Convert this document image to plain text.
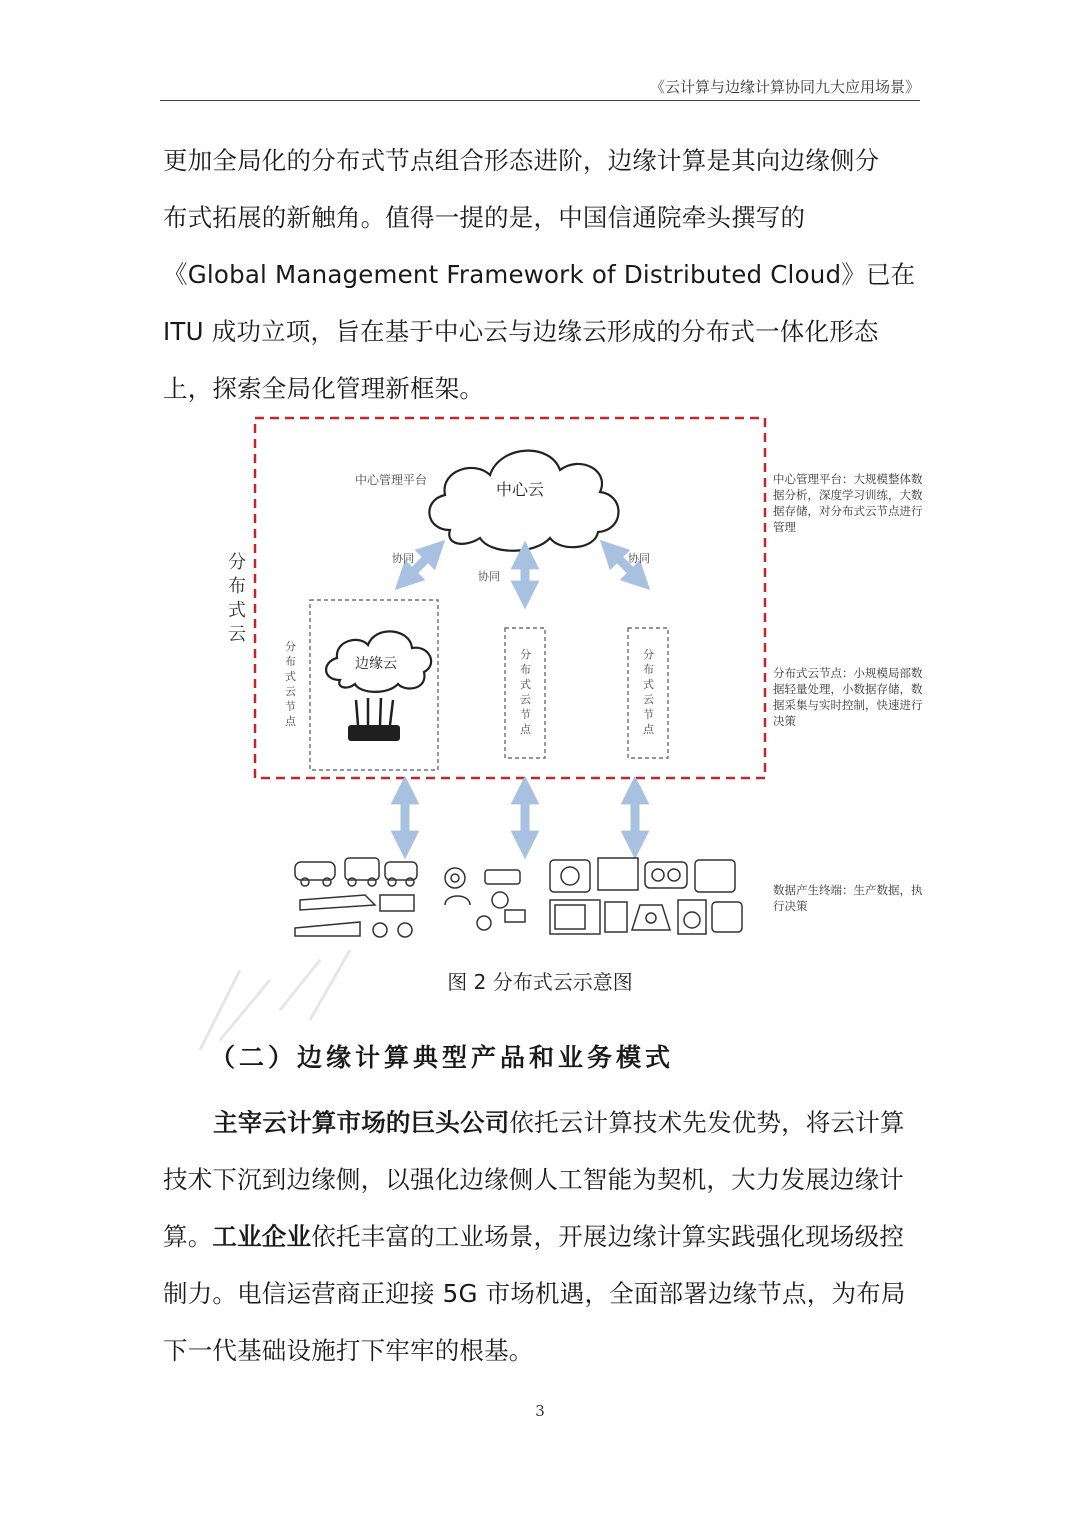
《云计算与边缘计算协同九大应用场景》
更加全局化的分布式节点组合形态进阶，边缘计算是其向边缘侧分
布式拓展的新触角。值得一提的是，中国信通院牵头撰写的
《Global Management Framework of Distributed Cloud》已在
ITU 成功立项，旨在基于中心云与边缘云形成的分布式一体化形态
上，探索全局化管理新框架。
分布式云
中心云
中心管理平台
协同
协同
协同
边缘云
分布式云节点
分布式云节点
分布式云节点
中心管理平台：大规模整体数
据分析，深度学习训练，大数
据存储，对分布式云节点进行
管理
分布式云节点：小规模局部数
据轻量处理，小数据存储，数
据采集与实时控制，快速进行
决策
数据产生终端：生产数据，执
行决策
图 2 分布式云示意图
（二）边缘计算典型产品和业务模式
主宰云计算市场的巨头公司依托云计算技术先发优势，将云计算
技术下沉到边缘侧，以强化边缘侧人工智能为契机，大力发展边缘计
算。工业企业依托丰富的工业场景，开展边缘计算实践强化现场级控
制力。电信运营商正迎接 5G 市场机遇，全面部署边缘节点，为布局
下一代基础设施打下牢牢的根基。
3
